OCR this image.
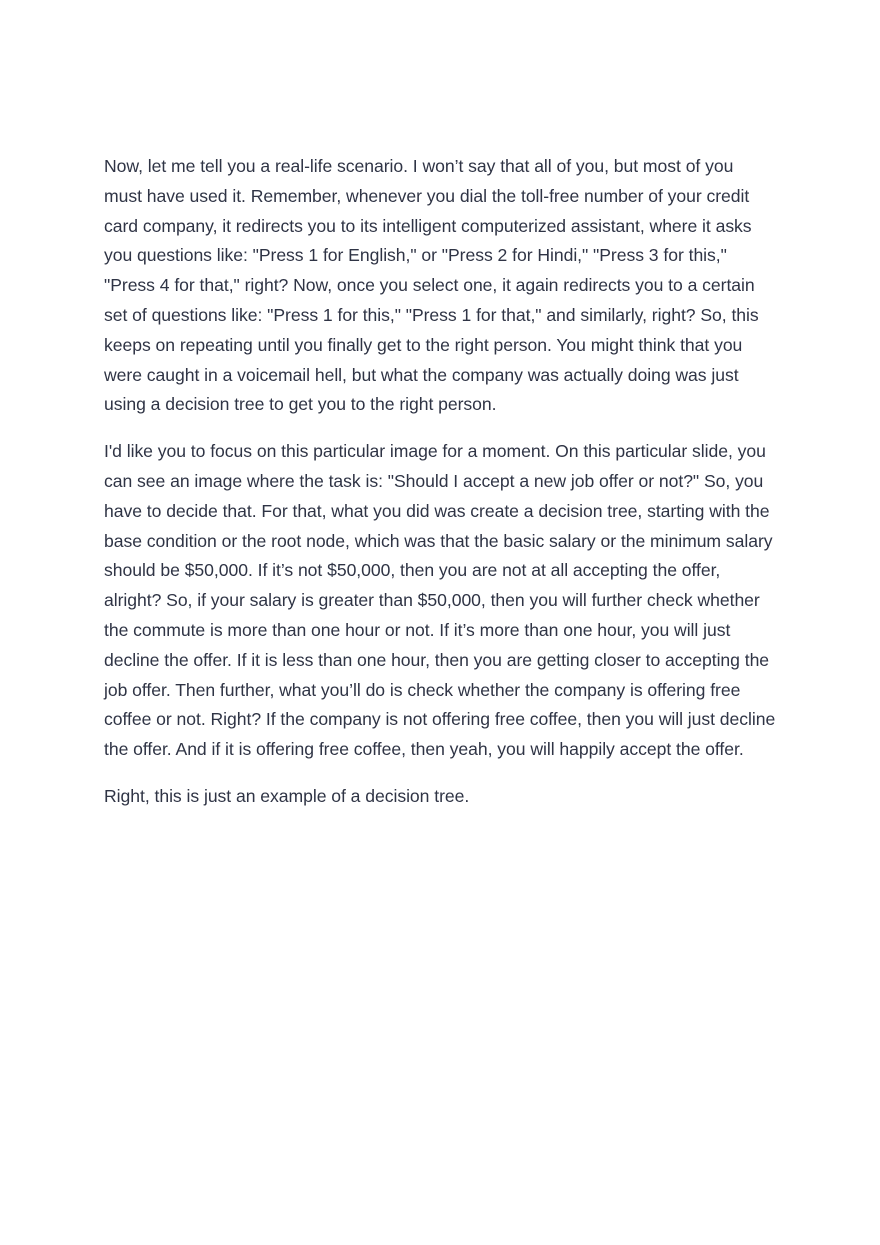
Now, let me tell you a real-life scenario. I won’t say that all of you, but most of you must have used it. Remember, whenever you dial the toll-free number of your credit card company, it redirects you to its intelligent computerized assistant, where it asks you questions like: "Press 1 for English," or "Press 2 for Hindi," "Press 3 for this," "Press 4 for that," right? Now, once you select one, it again redirects you to a certain set of questions like: "Press 1 for this," "Press 1 for that," and similarly, right? So, this keeps on repeating until you finally get to the right person. You might think that you were caught in a voicemail hell, but what the company was actually doing was just using a decision tree to get you to the right person.

I'd like you to focus on this particular image for a moment. On this particular slide, you can see an image where the task is: "Should I accept a new job offer or not?" So, you have to decide that. For that, what you did was create a decision tree, starting with the base condition or the root node, which was that the basic salary or the minimum salary should be $50,000. If it’s not $50,000, then you are not at all accepting the offer, alright? So, if your salary is greater than $50,000, then you will further check whether the commute is more than one hour or not. If it’s more than one hour, you will just decline the offer. If it is less than one hour, then you are getting closer to accepting the job offer. Then further, what you’ll do is check whether the company is offering free coffee or not. Right? If the company is not offering free coffee, then you will just decline the offer. And if it is offering free coffee, then yeah, you will happily accept the offer.

Right, this is just an example of a decision tree.
